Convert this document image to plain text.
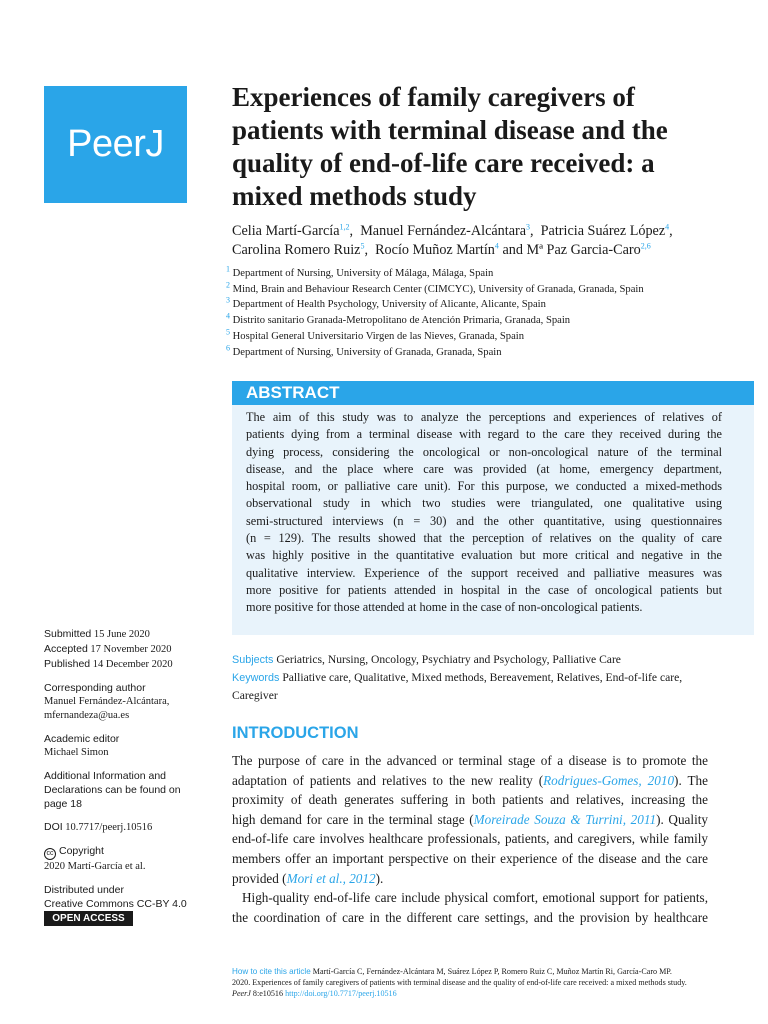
PeerJ
Experiences of family caregivers of
patients with terminal disease and the
quality of end-of-life care received: a
mixed methods study
Celia Martí-García$^{1,2}$,  Manuel Fernández-Alcántara$^3$,  Patricia Suárez López$^4$,
Carolina Romero Ruiz$^5$,  Rocío Muñoz Martín$^4$ and Mª Paz Garcia-Caro$^{2,6}$
$^1$ Department of Nursing, University of Málaga, Málaga, Spain
$^2$ Mind, Brain and Behaviour Research Center (CIMCYC), University of Granada, Granada, Spain
$^3$ Department of Health Psychology, University of Alicante, Alicante, Spain
$^4$ Distrito sanitario Granada-Metropolitano de Atención Primaria, Granada, Spain
$^5$ Hospital General Universitario Virgen de las Nieves, Granada, Spain
$^6$ Department of Nursing, University of Granada, Granada, Spain
ABSTRACT
The aim of this study was to analyze the perceptions and experiences of relatives of
patients dying from a terminal disease with regard to the care they received during the
dying process, considering the oncological or non-oncological nature of the terminal
disease, and the place where care was provided (at home, emergency department,
hospital room, or palliative care unit). For this purpose, we conducted a mixed-methods
observational study in which two studies were triangulated, one qualitative using
semi-structured interviews (n = 30) and the other quantitative, using questionnaires
(n = 129). The results showed that the perception of relatives on the quality of care
was highly positive in the quantitative evaluation but more critical and negative in the
qualitative interview. Experience of the support received and palliative measures was
more positive for patients attended in hospital in the case of oncological patients but
more positive for those attended at home in the case of non-oncological patients.
Subjects Geriatrics, Nursing, Oncology, Psychiatry and Psychology, Palliative Care
Keywords Palliative care, Qualitative, Mixed methods, Bereavement, Relatives, End-of-life care,
Caregiver
INTRODUCTION
The purpose of care in the advanced or terminal stage of a disease is to promote the
adaptation of patients and relatives to the new reality (Rodrigues-Gomes, 2010). The
proximity of death generates suffering in both patients and relatives, increasing the
high demand for care in the terminal stage (Moreirade Souza & Turrini, 2011). Quality
end-of-life care involves healthcare professionals, patients, and caregivers, while family
members offer an important perspective on their experience of the disease and the care
provided (Mori et al., 2012).
High-quality end-of-life care include physical comfort, emotional support for patients,
the coordination of care in the different care settings, and the provision by healthcare
Submitted 15 June 2020
Accepted 17 November 2020
Published 14 December 2020
Corresponding author
Manuel Fernández-Alcántara,
mfernandeza@ua.es
Academic editor
Michael Simon
Additional Information and
Declarations can be found on
page 18
DOI 10.7717/peerj.10516
cc Copyright
2020 Martí-García et al.
Distributed under
Creative Commons CC-BY 4.0
OPEN ACCESS
How to cite this article Martí-García C, Fernández-Alcántara M, Suárez López P, Romero Ruiz C, Muñoz Martín Ri, García-Caro MP.
2020. Experiences of family caregivers of patients with terminal disease and the quality of end-of-life care received: a mixed methods study.
PeerJ 8:e10516 http://doi.org/10.7717/peerj.10516
